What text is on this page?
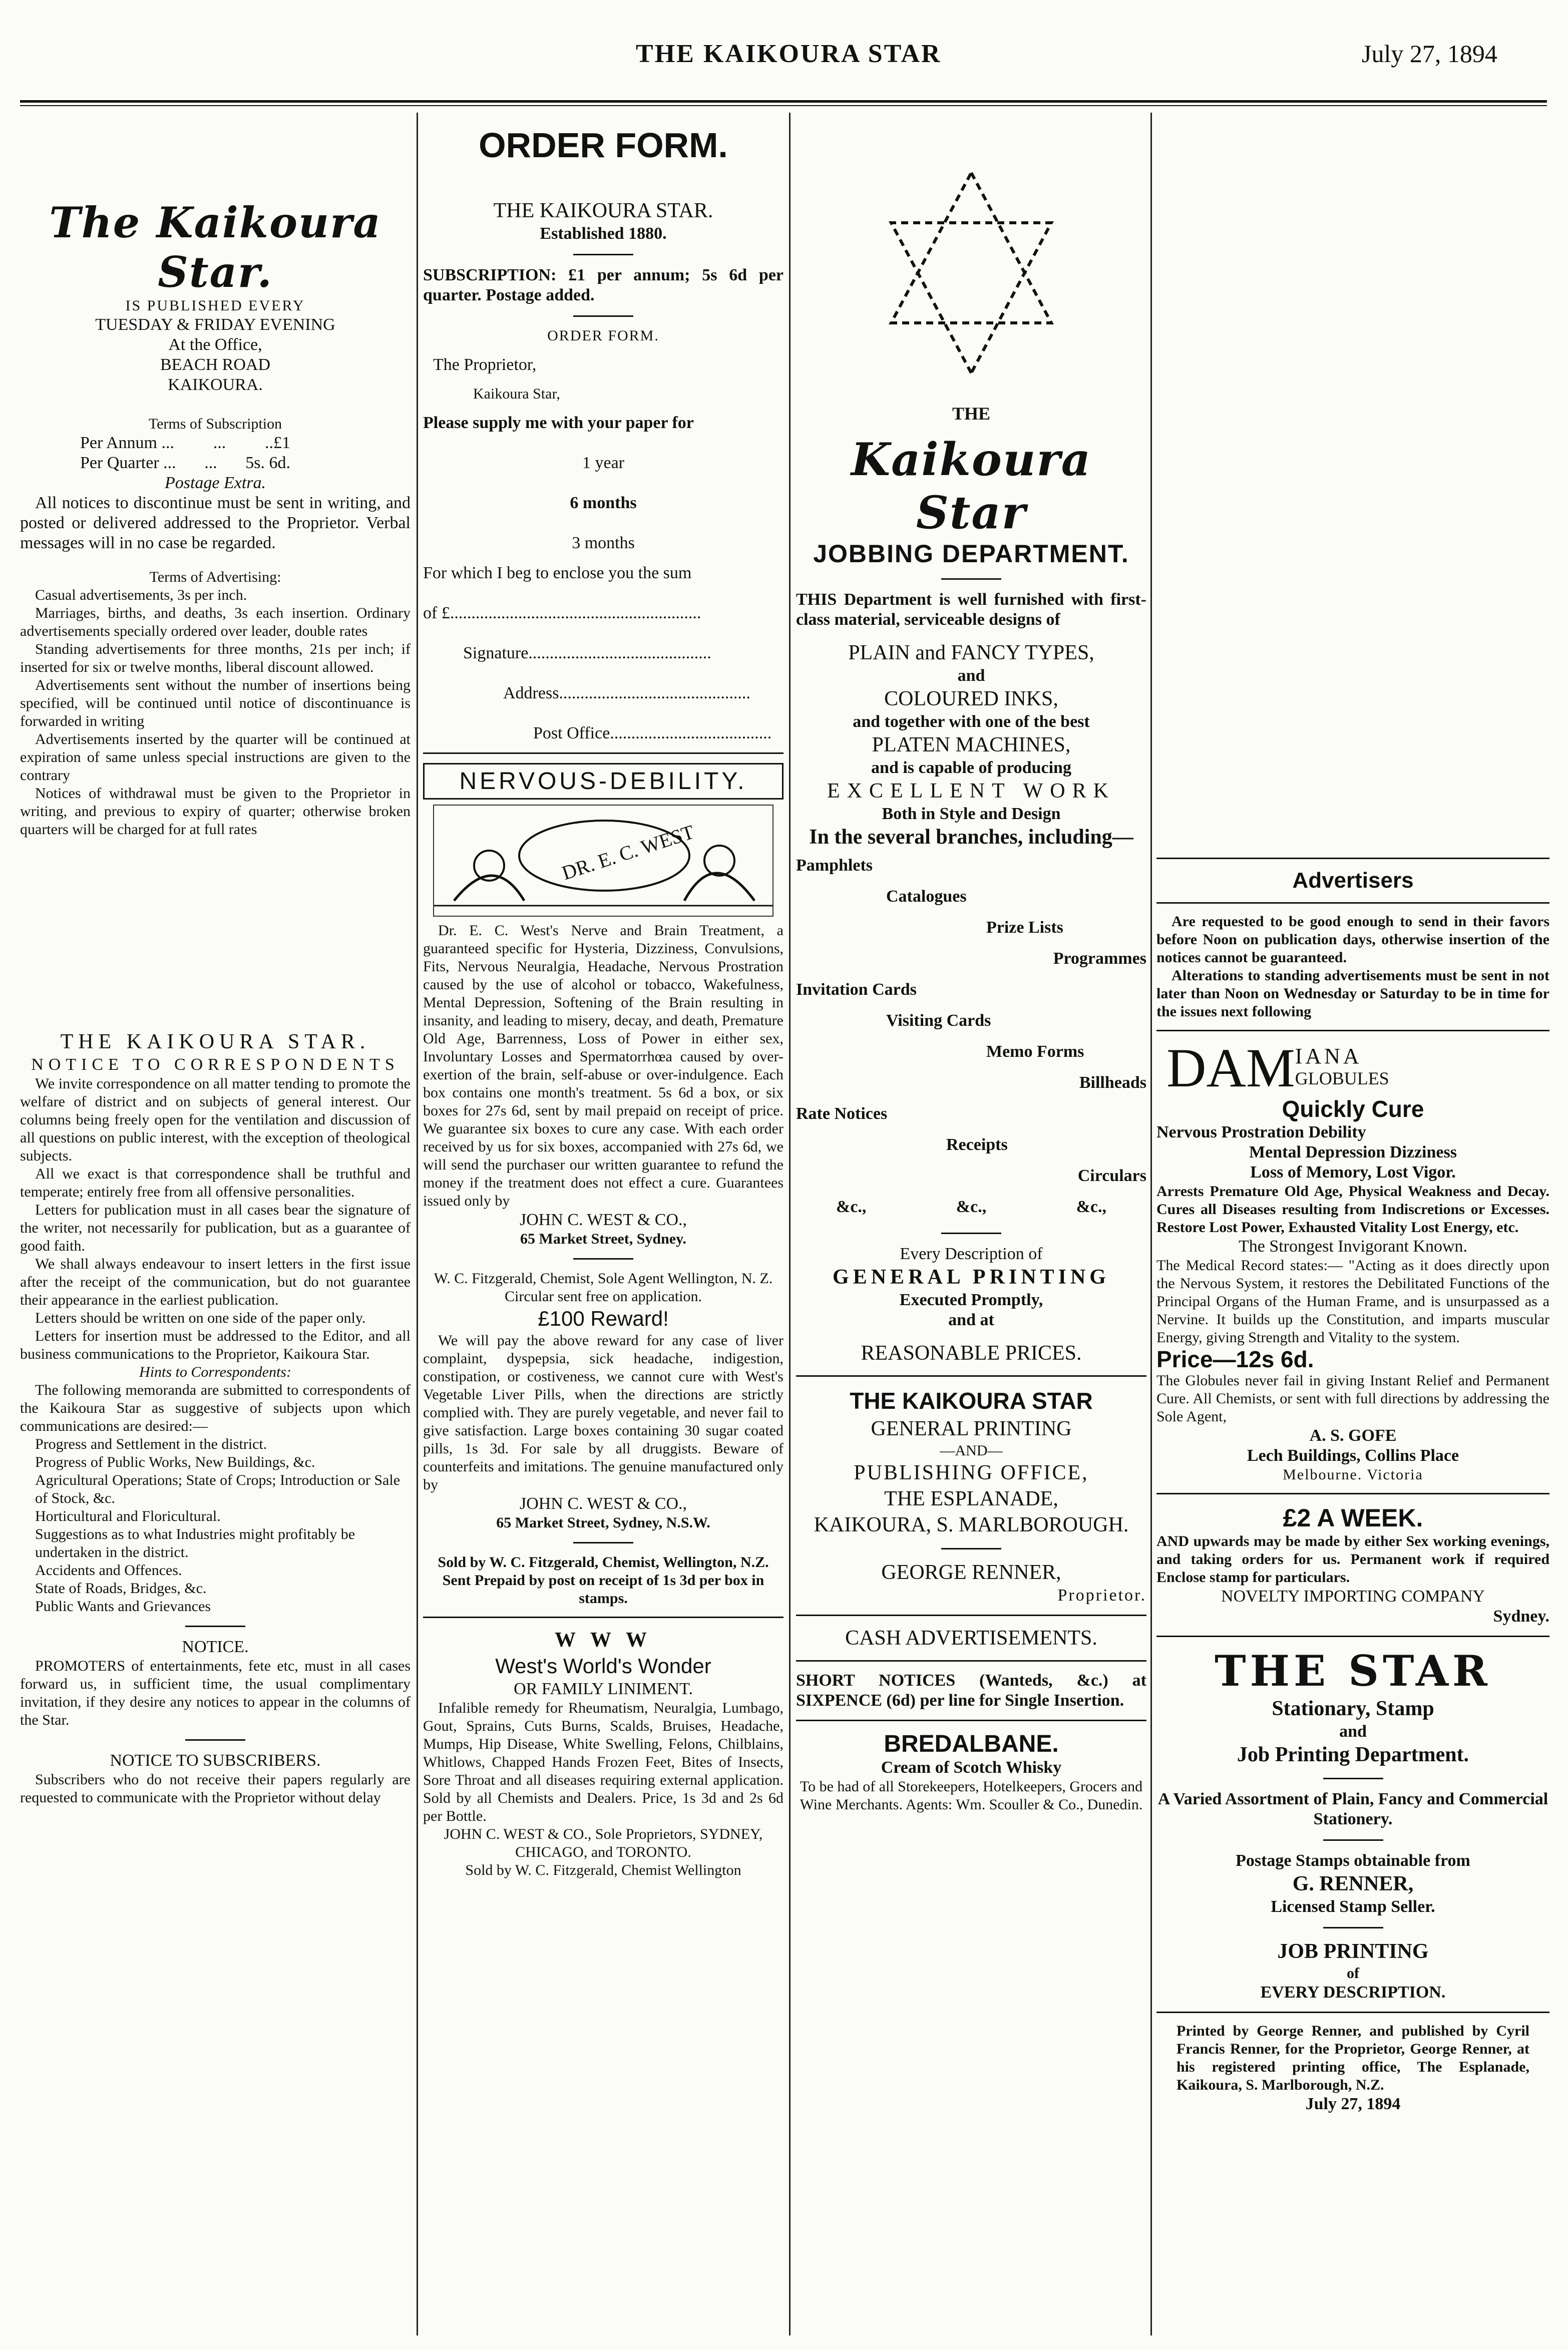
THE KAIKOURA STAR	July 27, 1894

The Kaikoura Star.

IS PUBLISHED EVERY

TUESDAY & FRIDAY EVENING

At the Office,

BEACH ROAD

KAIKOURA.

Terms of Subscription

Per Annum ... ... ..£1
Per Quarter ... ... 5s. 6d.

Postage Extra.

All notices to discontinue must be sent in writing, and posted or delivered addressed to the Proprietor. Verbal messages will in no case be regarded.

Terms of Advertising:

Casual advertisements, 3s per inch.

Marriages, births, and deaths, 3s each insertion. Ordinary advertisements specially ordered over leader, double rates

Standing advertisements for three months, 21s per inch; if inserted for six or twelve months, liberal discount allowed.

Advertisements sent without the number of insertions being specified, will be continued until notice of discontinuance is forwarded in writing

Advertisements inserted by the quarter will be continued at expiration of same unless special instructions are given to the contrary

Notices of withdrawal must be given to the Proprietor in writing, and previous to expiry of quarter; otherwise broken quarters will be charged for at full rates

THE KAIKOURA STAR.

NOTICE TO CORRESPONDENTS

We invite correspondence on all matter tending to promote the welfare of district and on subjects of general interest. Our columns being freely open for the ventilation and discussion of all questions on public interest, with the exception of theological subjects.

All we exact is that correspondence shall be truthful and temperate; entirely free from all offensive personalities.

Letters for publication must in all cases bear the signature of the writer, not necessarily for publication, but as a guarantee of good faith.

We shall always endeavour to insert letters in the first issue after the receipt of the communication, but do not guarantee their appearance in the earliest publication.

Letters should be written on one side of the paper only.

Letters for insertion must be addressed to the Editor, and all business communications to the Proprietor, Kaikoura Star.

Hints to Correspondents:

The following memoranda are submitted to correspondents of the Kaikoura Star as suggestive of subjects upon which communications are desired:—

Progress and Settlement in the district.

Progress of Public Works, New Buildings, &c.

Agricultural Operations; State of Crops; Introduction or Sale of Stock, &c.

Horticultural and Floricultural.

Suggestions as to what Industries might profitably be undertaken in the district.

Accidents and Offences.

State of Roads, Bridges, &c.

Public Wants and Grievances

NOTICE.

PROMOTERS of entertainments, fete etc, must in all cases forward us, in sufficient time, the usual complimentary invitation, if they desire any notices to appear in the columns of the Star.

NOTICE TO SUBSCRIBERS.

Subscribers who do not receive their papers regularly are requested to communicate with the Proprietor without delay

ORDER FORM.

THE KAIKOURA STAR.

Established 1880.

SUBSCRIPTION: £1 per annum; 5s 6d per quarter. Postage added.

ORDER FORM.

The Proprietor,

Kaikoura Star,

Please supply me with your paper for

1 year

6 months

3 months

For which I beg to enclose you the sum

of £...........................................................

Signature...........................................

Address.............................................

Post Office......................................

NERVOUS-DEBILITY.

DR. E. C. WEST

Dr. E. C. West's Nerve and Brain Treatment, a guaranteed specific for Hysteria, Dizziness, Convulsions, Fits, Nervous Neuralgia, Headache, Nervous Prostration caused by the use of alcohol or tobacco, Wakefulness, Mental Depression, Softening of the Brain resulting in insanity, and leading to misery, decay, and death, Premature Old Age, Barrenness, Loss of Power in either sex, Involuntary Losses and Spermatorrhœa caused by over-exertion of the brain, self-abuse or over-indulgence. Each box contains one month's treatment. 5s 6d a box, or six boxes for 27s 6d, sent by mail prepaid on receipt of price. We guarantee six boxes to cure any case. With each order received by us for six boxes, accompanied with 27s 6d, we will send the purchaser our written guarantee to refund the money if the treatment does not effect a cure. Guarantees issued only by

JOHN C. WEST & CO.,

65 Market Street, Sydney.

W. C. Fitzgerald, Chemist, Sole Agent Wellington, N. Z.

Circular sent free on application.

£100 Reward!

We will pay the above reward for any case of liver complaint, dyspepsia, sick headache, indigestion, constipation, or costiveness, we cannot cure with West's Vegetable Liver Pills, when the directions are strictly complied with. They are purely vegetable, and never fail to give satisfaction. Large boxes containing 30 sugar coated pills, 1s 3d. For sale by all druggists. Beware of counterfeits and imitations. The genuine manufactured only by

JOHN C. WEST & CO.,

65 Market Street, Sydney, N.S.W.

Sold by W. C. Fitzgerald, Chemist, Wellington, N.Z.

Sent Prepaid by post on receipt of 1s 3d per box in stamps.

W W W

West's World's Wonder

OR FAMILY LINIMENT.

Infalible remedy for Rheumatism, Neuralgia, Lumbago, Gout, Sprains, Cuts Burns, Scalds, Bruises, Headache, Mumps, Hip Disease, White Swelling, Felons, Chilblains, Whitlows, Chapped Hands Frozen Feet, Bites of Insects, Sore Throat and all diseases requiring external application. Sold by all Chemists and Dealers. Price, 1s 3d and 2s 6d per Bottle.

JOHN C. WEST & CO., Sole Proprietors, SYDNEY, CHICAGO, and TORONTO.

Sold by W. C. Fitzgerald, Chemist Wellington

THE

Kaikoura Star

JOBBING DEPARTMENT.

THIS Department is well furnished with first-class material, serviceable designs of

PLAIN and FANCY TYPES,

and

COLOURED INKS,

and together with one of the best

PLATEN MACHINES,

and is capable of producing

EXCELLENT WORK

Both in Style and Design

In the several branches, including—

Pamphlets

Catalogues

Prize Lists

Programmes

Invitation Cards

Visiting Cards

Memo Forms

Billheads

Rate Notices

Receipts

Circulars

&c.,	&c.,	&c.,

Every Description of

GENERAL PRINTING

Executed Promptly,

and at

REASONABLE PRICES.

THE KAIKOURA STAR

GENERAL PRINTING

—AND—

PUBLISHING OFFICE,

THE ESPLANADE,

KAIKOURA, S. MARLBOROUGH.

GEORGE RENNER,

Proprietor.

CASH ADVERTISEMENTS.

SHORT NOTICES (Wanteds, &c.) at SIXPENCE (6d) per line for Single Insertion.

BREDALBANE.

Cream of Scotch Whisky

To be had of all Storekeepers, Hotelkeepers, Grocers and Wine Merchants. Agents: Wm. Scouller & Co., Dunedin.

Advertisers

Are requested to be good enough to send in their favors before Noon on publication days, otherwise insertion of the notices cannot be guaranteed.

Alterations to standing advertisements must be sent in not later than Noon on Wednesday or Saturday to be in time for the issues next following

DA M IANA
GLOBULES

Quickly Cure

Nervous Prostration Debility

Mental Depression Dizziness

Loss of Memory, Lost Vigor.

Arrests Premature Old Age, Physical Weakness and Decay. Cures all Diseases resulting from Indiscretions or Excesses. Restore Lost Power, Exhausted Vitality Lost Energy, etc.

The Strongest Invigorant Known.

The Medical Record states:— "Acting as it does directly upon the Nervous System, it restores the Debilitated Functions of the Principal Organs of the Human Frame, and is unsurpassed as a Nervine. It builds up the Constitution, and imparts muscular Energy, giving Strength and Vitality to the system.

Price—12s 6d.

The Globules never fail in giving Instant Relief and Permanent Cure. All Chemists, or sent with full directions by addressing the Sole Agent,

A. S. GOFE

Lech Buildings, Collins Place

Melbourne. Victoria

£2 A WEEK.

AND upwards may be made by either Sex working evenings, and taking orders for us. Permanent work if required Enclose stamp for particulars.

NOVELTY IMPORTING COMPANY

Sydney.

THE STAR

Stationary, Stamp

and

Job Printing Department.

A Varied Assortment of Plain, Fancy and Commercial Stationery.

Postage Stamps obtainable from

G. RENNER,

Licensed Stamp Seller.

JOB PRINTING

of

EVERY DESCRIPTION.

Printed by George Renner, and published by Cyril Francis Renner, for the Proprietor, George Renner, at his registered printing office, The Esplanade, Kaikoura, S. Marlborough, N.Z.

July 27, 1894
